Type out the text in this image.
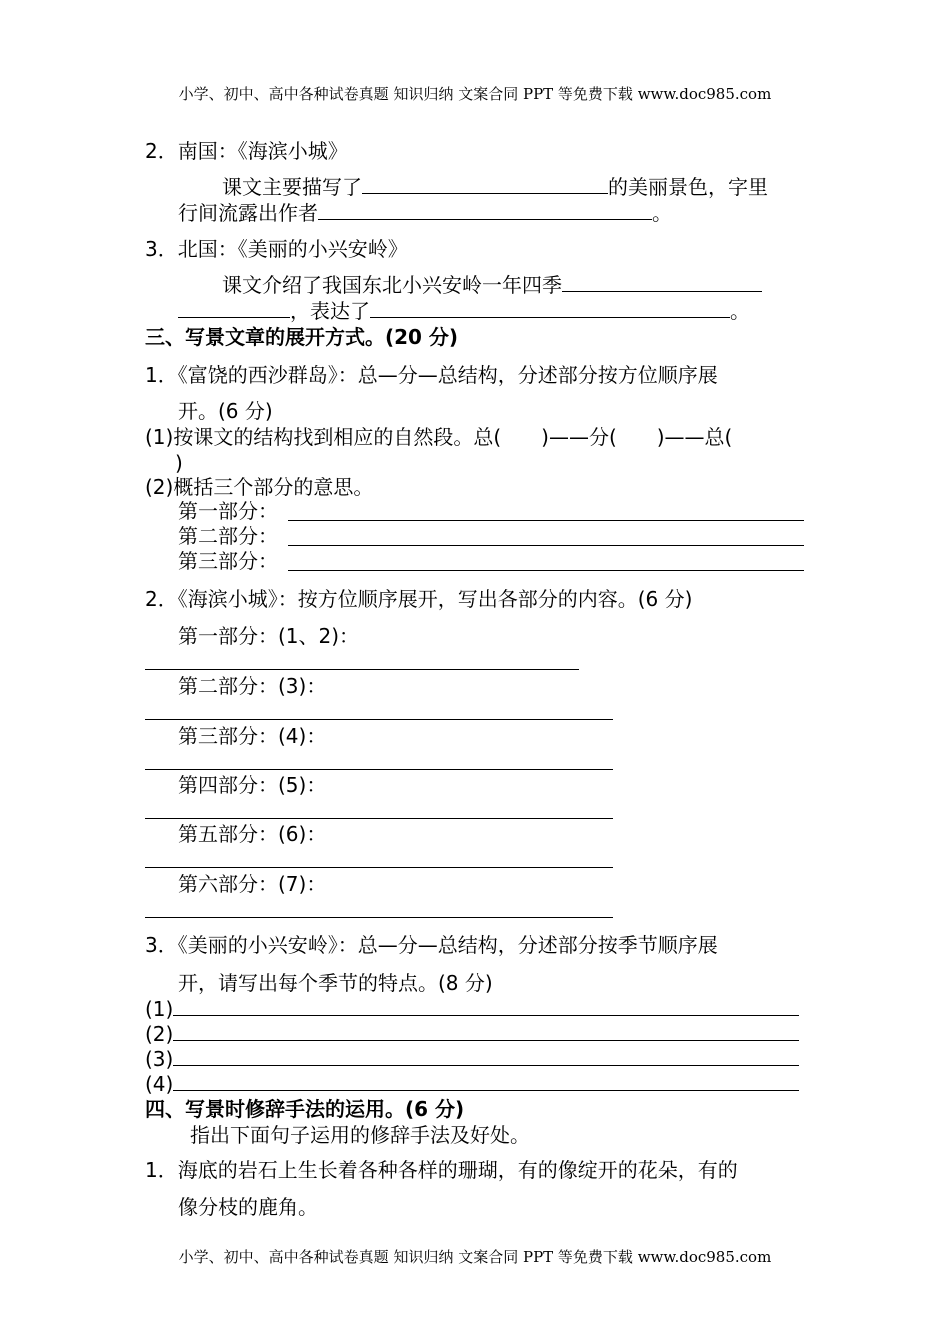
小学、初中、高中各种试卷真题 知识归纳 文案合同 PPT 等免费下载 www.doc985.com
2．南国：《海滨小城》
课文主要描写了	的美丽景色，字里
行间流露出作者	。
3．北国：《美丽的小兴安岭》
课文介绍了我国东北小兴安岭一年四季
，表达了	。
三、写景文章的展开方式。(20 分)
1．《富饶的西沙群岛》：总—分—总结构，分述部分按方位顺序展
开。(6 分)
(1)按课文的结构找到相应的自然段。总( )——分( )——总(
)
(2)概括三个部分的意思。
第一部分：
第二部分：
第三部分：
2．《海滨小城》：按方位顺序展开，写出各部分的内容。(6 分)
第一部分：(1、2)：
第二部分：(3)：
第三部分：(4)：
第四部分：(5)：
第五部分：(6)：
第六部分：(7)：
3．《美丽的小兴安岭》：总—分—总结构，分述部分按季节顺序展
开，请写出每个季节的特点。(8 分)
(1)
(2)
(3)
(4)
四、写景时修辞手法的运用。(6 分)
指出下面句子运用的修辞手法及好处。
1．海底的岩石上生长着各种各样的珊瑚，有的像绽开的花朵，有的
像分枝的鹿角。
小学、初中、高中各种试卷真题 知识归纳 文案合同 PPT 等免费下载 www.doc985.com
